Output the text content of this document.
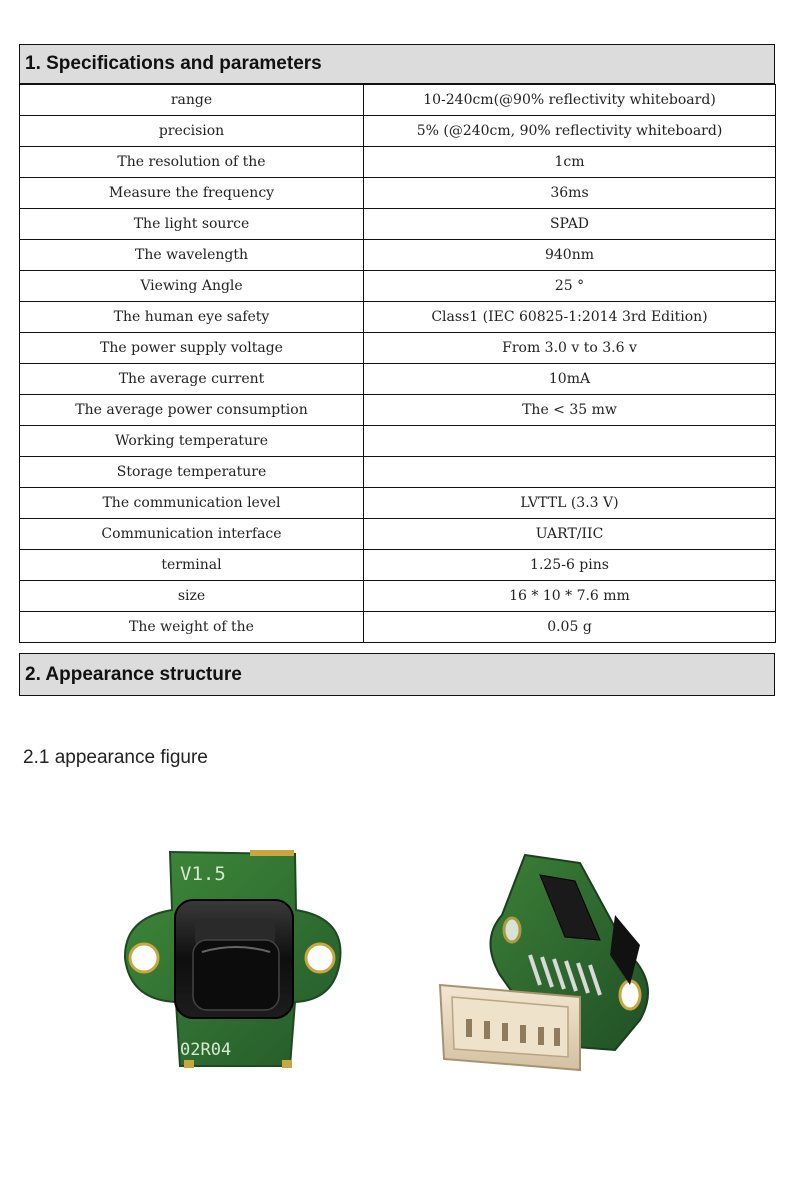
1. Specifications and parameters
range	10-240cm(@90% reflectivity whiteboard)
precision	5% (@240cm, 90% reflectivity whiteboard)
The resolution of the	1cm
Measure the frequency	36ms
The light source	SPAD
The wavelength	940nm
Viewing Angle	25 °
The human eye safety	Class1 (IEC 60825-1:2014 3rd Edition)
The power supply voltage	From 3.0 v to 3.6 v
The average current	10mA
The average power consumption	The < 35 mw
Working temperature	
Storage temperature	
The communication level	LVTTL (3.3 V)
Communication interface	UART/IIC
terminal	1.25-6 pins
size	16 * 10 * 7.6 mm
The weight of the	0.05 g
2. Appearance structure
2.1 appearance figure
V1.5
02R04
